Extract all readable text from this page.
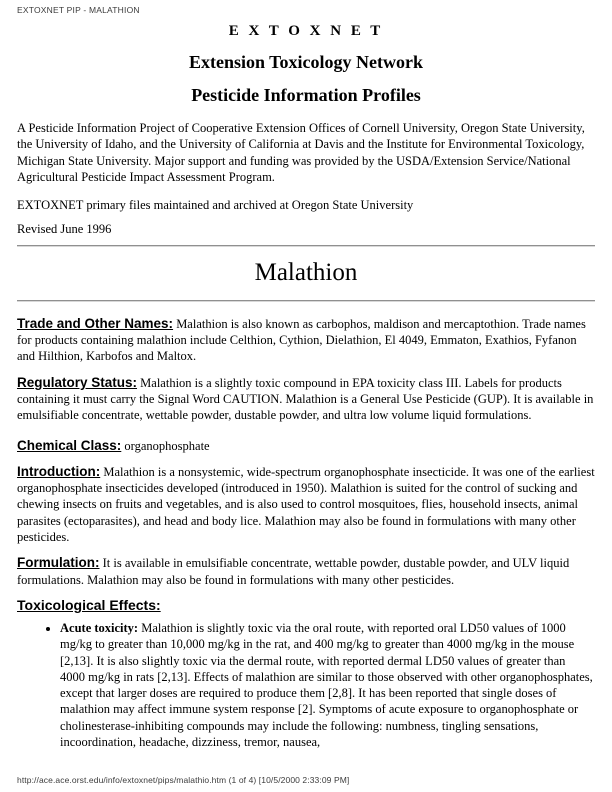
EXTOXNET PIP - MALATHION
E X T O X N E T
Extension Toxicology Network
Pesticide Information Profiles

A Pesticide Information Project of Cooperative Extension Offices of Cornell University, Oregon State University, the University of Idaho, and the University of California at Davis and the Institute for Environmental Toxicology, Michigan State University. Major support and funding was provided by the USDA/Extension Service/National Agricultural Pesticide Impact Assessment Program.

EXTOXNET primary files maintained and archived at Oregon State University

Revised June 1996

Malathion

Trade and Other Names: Malathion is also known as carbophos, maldison and mercaptothion. Trade names for products containing malathion include Celthion, Cythion, Dielathion, El 4049, Emmaton, Exathios, Fyfanon and Hilthion, Karbofos and Maltox.

Regulatory Status: Malathion is a slightly toxic compound in EPA toxicity class III. Labels for products containing it must carry the Signal Word CAUTION. Malathion is a General Use Pesticide (GUP). It is available in emulsifiable concentrate, wettable powder, dustable powder, and ultra low volume liquid formulations.

Chemical Class: organophosphate

Introduction: Malathion is a nonsystemic, wide-spectrum organophosphate insecticide. It was one of the earliest organophosphate insecticides developed (introduced in 1950). Malathion is suited for the control of sucking and chewing insects on fruits and vegetables, and is also used to control mosquitoes, flies, household insects, animal parasites (ectoparasites), and head and body lice. Malathion may also be found in formulations with many other pesticides.

Formulation: It is available in emulsifiable concentrate, wettable powder, dustable powder, and ULV liquid formulations. Malathion may also be found in formulations with many other pesticides.

Toxicological Effects:
• Acute toxicity: Malathion is slightly toxic via the oral route, with reported oral LD50 values of 1000 mg/kg to greater than 10,000 mg/kg in the rat, and 400 mg/kg to greater than 4000 mg/kg in the mouse [2,13]. It is also slightly toxic via the dermal route, with reported dermal LD50 values of greater than 4000 mg/kg in rats [2,13]. Effects of malathion are similar to those observed with other organophosphates, except that larger doses are required to produce them [2,8]. It has been reported that single doses of malathion may affect immune system response [2]. Symptoms of acute exposure to organophosphate or cholinesterase-inhibiting compounds may include the following: numbness, tingling sensations, incoordination, headache, dizziness, tremor, nausea,
http://ace.ace.orst.edu/info/extoxnet/pips/malathio.htm (1 of 4) [10/5/2000 2:33:09 PM]
